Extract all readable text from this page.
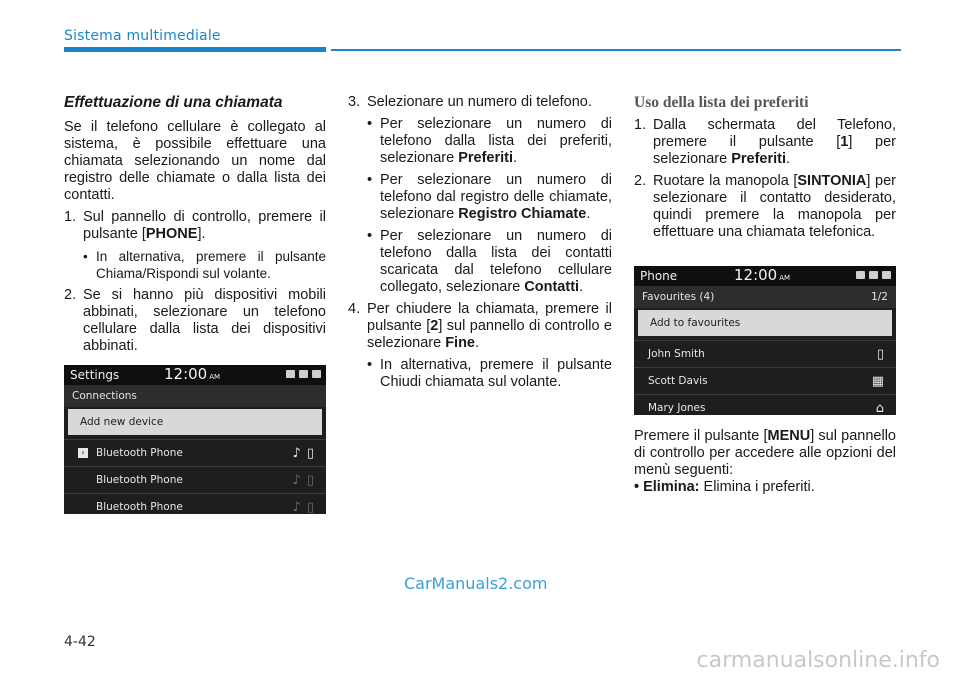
Sistema multimediale

Effettuazione di una chiamata

Se il telefono cellulare è collegato al sistema, è possibile effettuare una chiamata selezionando un nome dal registro delle chiamate o dalla lista dei contatti.

1. Sul pannello di controllo, premere il pulsante [PHONE].

• In alternativa, premere il pulsante Chiama/Rispondi sul volante.

2. Se si hanno più dispositivi mobili abbinati, selezionare un telefono cellulare dalla lista dei dispositivi abbinati.

Settings	12:00 AM
Connections
Add new device
›	Bluetooth Phone	♪ ▯
Bluetooth Phone	♪ ▯
Bluetooth Phone	♪ ▯

3. Selezionare un numero di telefono.

• Per selezionare un numero di telefono dalla lista dei preferiti, selezionare Preferiti.

• Per selezionare un numero di telefono dal registro delle chiamate, selezionare Registro Chiamate.

• Per selezionare un numero di telefono dalla lista dei contatti scaricata dal telefono cellulare collegato, selezionare Contatti.

4. Per chiudere la chiamata, premere il pulsante [2] sul pannello di controllo e selezionare Fine.

• In alternativa, premere il pulsante Chiudi chiamata sul volante.

Uso della lista dei preferiti

1. Dalla schermata del Telefono, premere il pulsante [1] per selezionare Preferiti.

2. Ruotare la manopola [SINTONIA] per selezionare il contatto desiderato, quindi premere la manopola per effettuare una chiamata telefonica.

Phone	12:00 AM
Favourites (4)	1/2
Add to favourites
John Smith	▯
Scott Davis	▦
Mary Jones	⌂

Premere il pulsante [MENU] sul pannello di controllo per accedere alle opzioni del menù seguenti:

• Elimina: Elimina i preferiti.

CarManuals2.com
4-42
carmanualsonline.info
